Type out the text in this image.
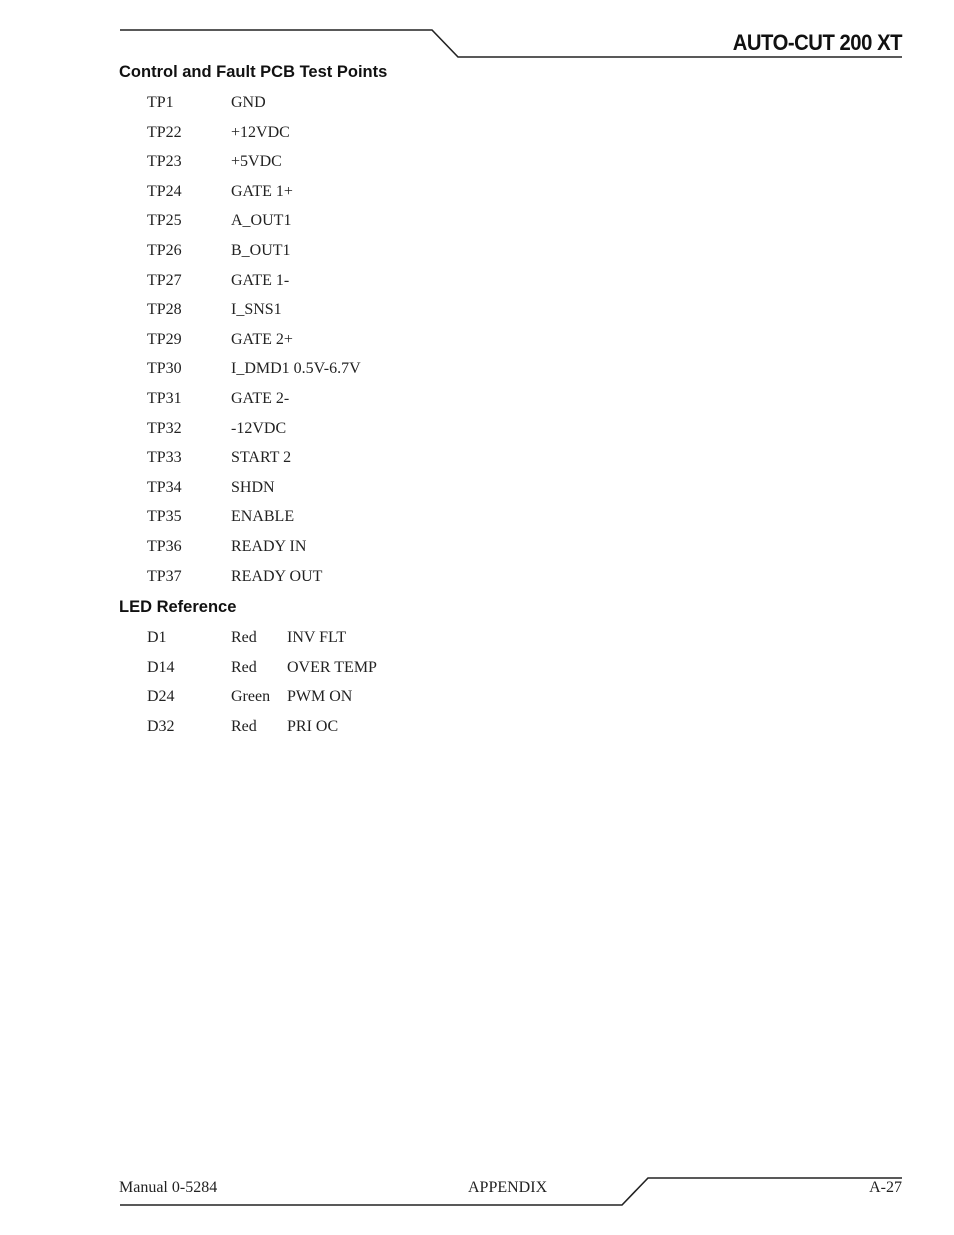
AUTO-CUT 200 XT
Control and Fault PCB Test Points
TP1	GND
TP22	+12VDC
TP23	+5VDC
TP24	GATE 1+
TP25	A_OUT1
TP26	B_OUT1
TP27	GATE 1-
TP28	I_SNS1
TP29	GATE 2+
TP30	I_DMD1 0.5V-6.7V
TP31	GATE 2-
TP32	-12VDC
TP33	START 2
TP34	SHDN
TP35	ENABLE
TP36	READY IN
TP37	READY OUT
LED Reference
D1	Red INV FLT
D14	Red OVER TEMP
D24	Green PWM ON
D32	Red PRI OC
Manual 0-5284	APPENDIX	A-27
